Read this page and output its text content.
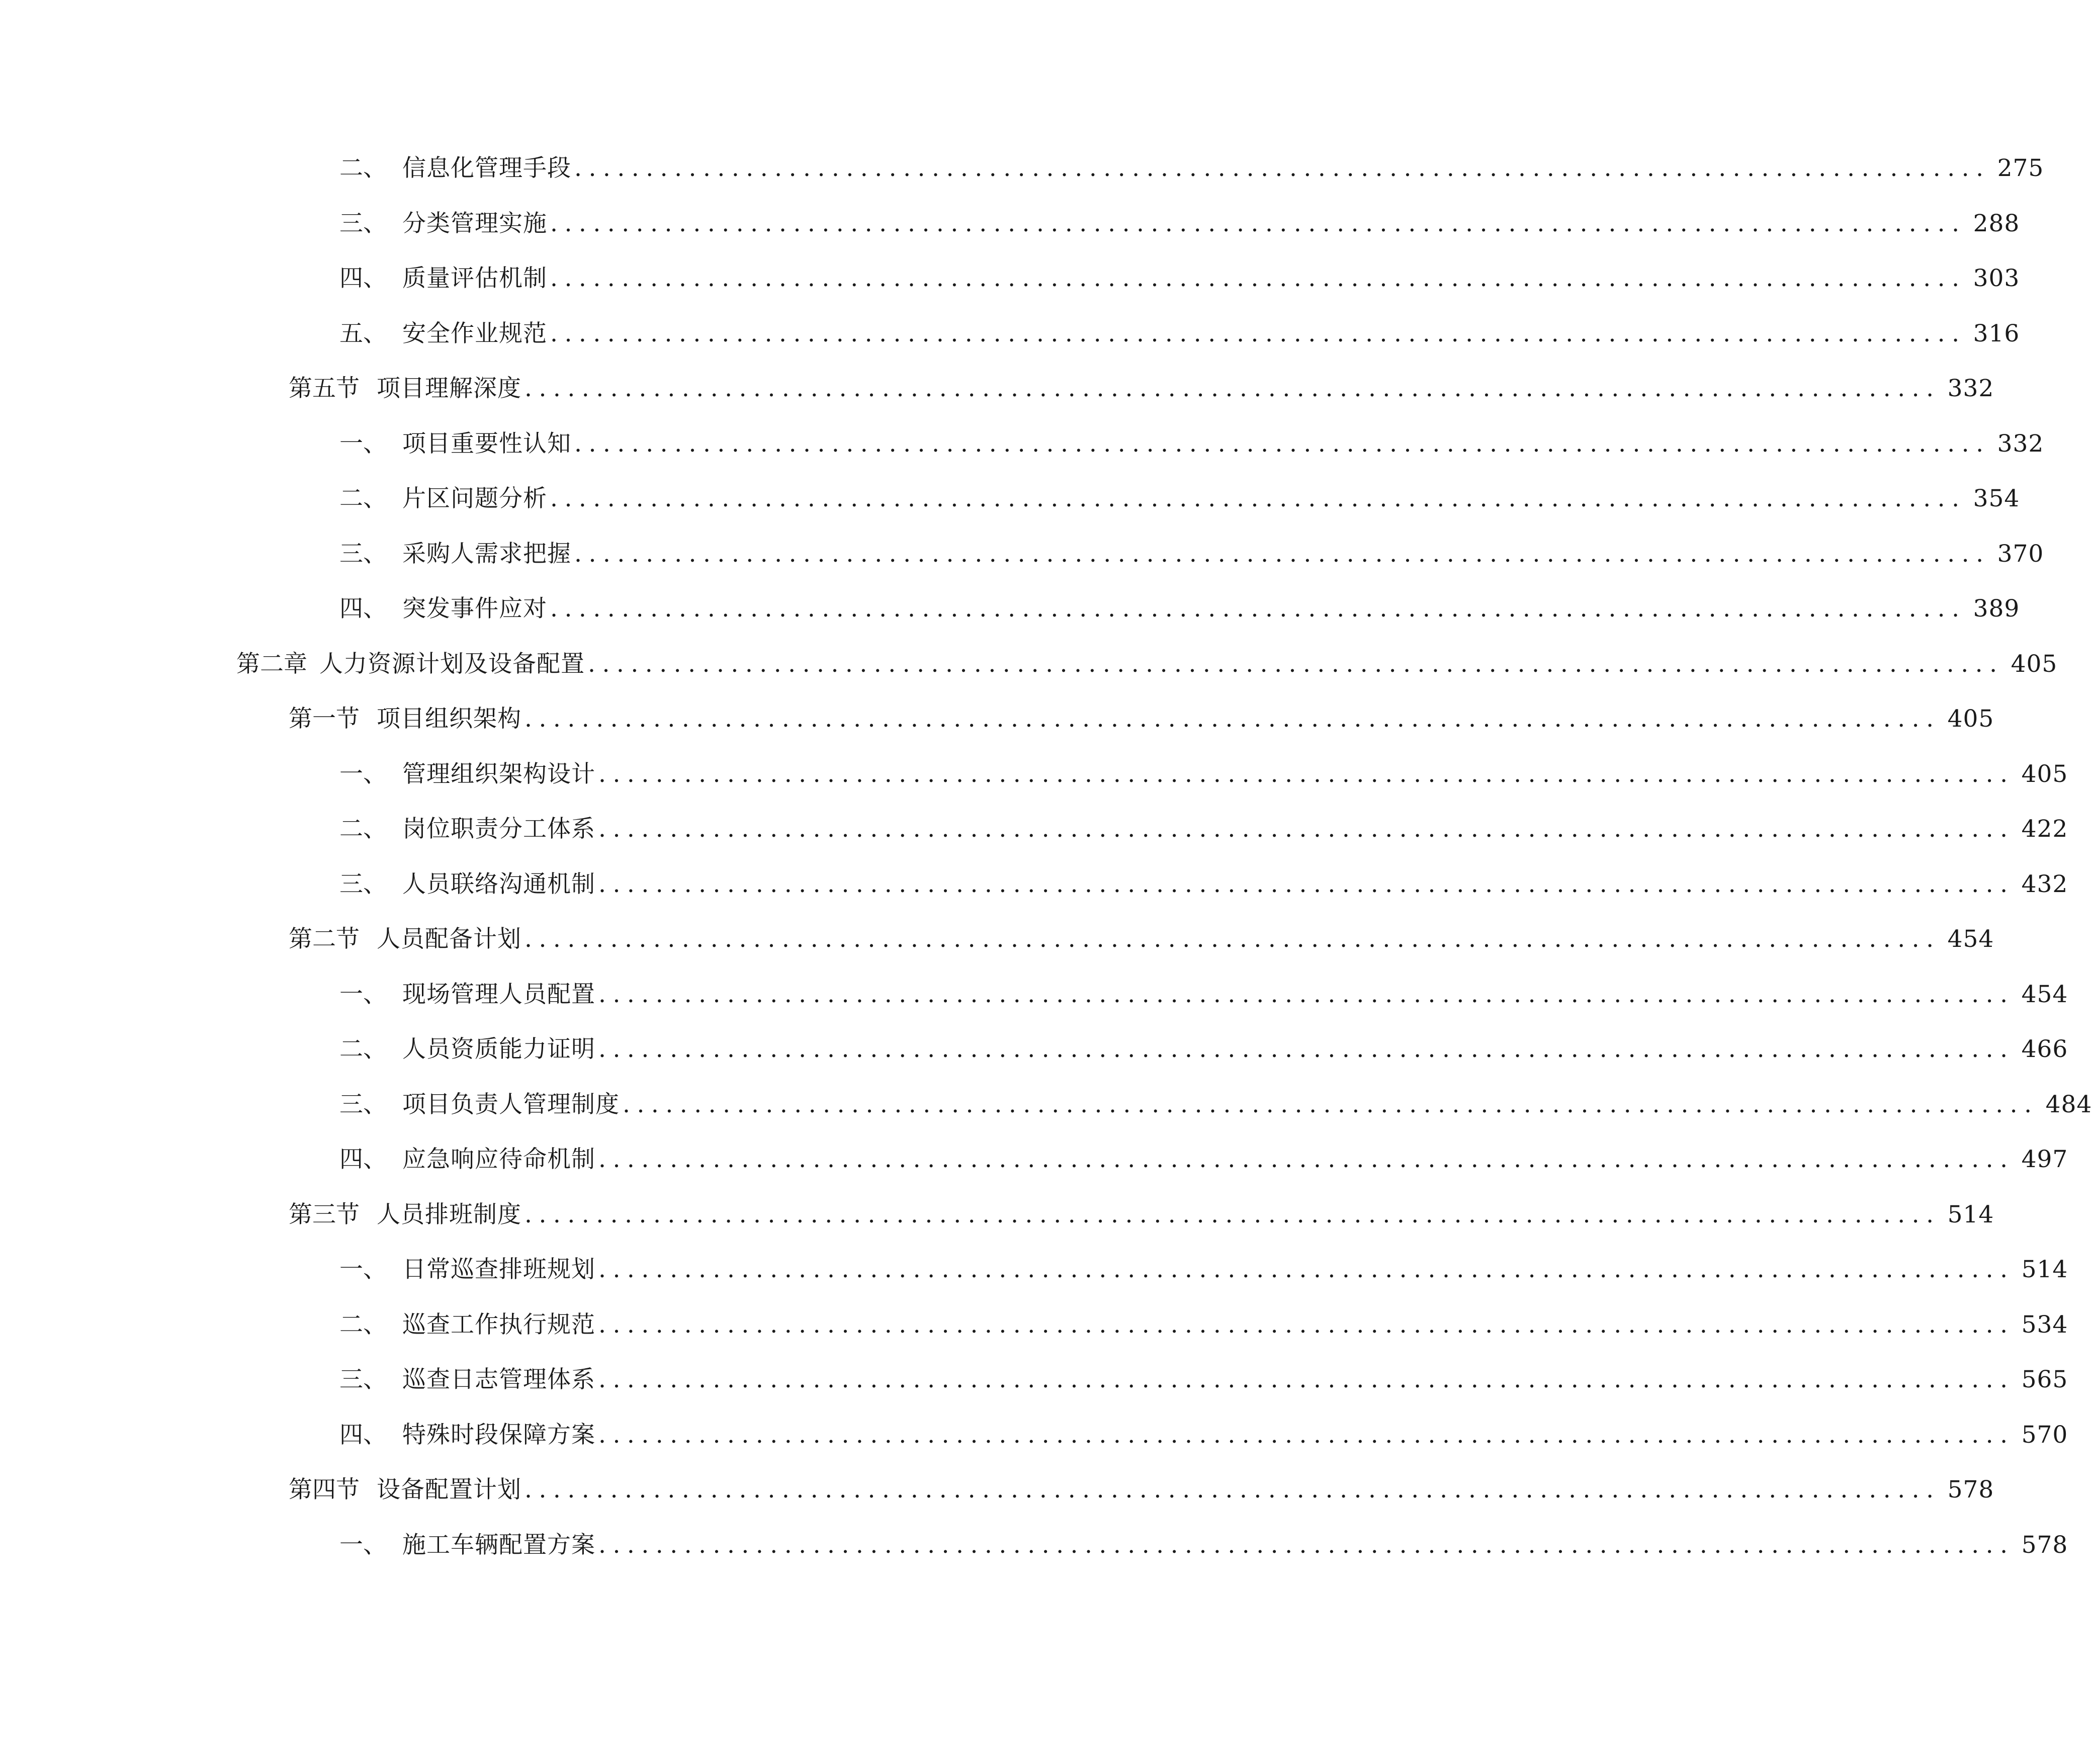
二、 信息化管理手段 ................................................................................................... 275
三、 分类管理实施 ................................................................................................... 288
四、 质量评估机制 ................................................................................................... 303
五、 安全作业规范 ................................................................................................... 316
第五节 项目理解深度 ................................................................................................... 332
一、 项目重要性认知 ................................................................................................... 332
二、 片区问题分析 ................................................................................................... 354
三、 采购人需求把握 ................................................................................................... 370
四、 突发事件应对 ................................................................................................... 389
第二章 人力资源计划及设备配置 ................................................................................................... 405
第一节 项目组织架构 ................................................................................................... 405
一、 管理组织架构设计 ................................................................................................... 405
二、 岗位职责分工体系 ................................................................................................... 422
三、 人员联络沟通机制 ................................................................................................... 432
第二节 人员配备计划 ................................................................................................... 454
一、 现场管理人员配置 ................................................................................................... 454
二、 人员资质能力证明 ................................................................................................... 466
三、 项目负责人管理制度 ................................................................................................... 484
四、 应急响应待命机制 ................................................................................................... 497
第三节 人员排班制度 ................................................................................................... 514
一、 日常巡查排班规划 ................................................................................................... 514
二、 巡查工作执行规范 ................................................................................................... 534
三、 巡查日志管理体系 ................................................................................................... 565
四、 特殊时段保障方案 ................................................................................................... 570
第四节 设备配置计划 ................................................................................................... 578
一、 施工车辆配置方案 ................................................................................................... 578
